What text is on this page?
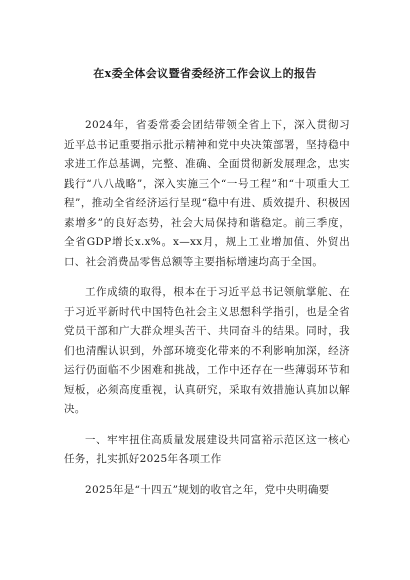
在x委全体会议暨省委经济工作会议上的报告

2024年，省委常委会团结带领全省上下，深入贯彻习近平总书记重要指示批示精神和党中央决策部署，坚持稳中求进工作总基调，完整、准确、全面贯彻新发展理念，忠实践行“八八战略”，深入实施三个“一号工程”和“十项重大工程”，推动全省经济运行呈现“稳中有进、质效提升、积极因素增多”的良好态势，社会大局保持和谐稳定。前三季度，全省GDP增长x.x%。x—xx月，规上工业增加值、外贸出口、社会消费品零售总额等主要指标增速均高于全国。

工作成绩的取得，根本在于习近平总书记领航掌舵、在于习近平新时代中国特色社会主义思想科学指引，也是全省党员干部和广大群众埋头苦干、共同奋斗的结果。同时，我们也清醒认识到，外部环境变化带来的不利影响加深，经济运行仍面临不少困难和挑战，工作中还存在一些薄弱环节和短板，必须高度重视，认真研究，采取有效措施认真加以解决。

一、牢牢扭住高质量发展建设共同富裕示范区这一核心任务，扎实抓好2025年各项工作

2025年是“十四五”规划的收官之年，党中央明确要
